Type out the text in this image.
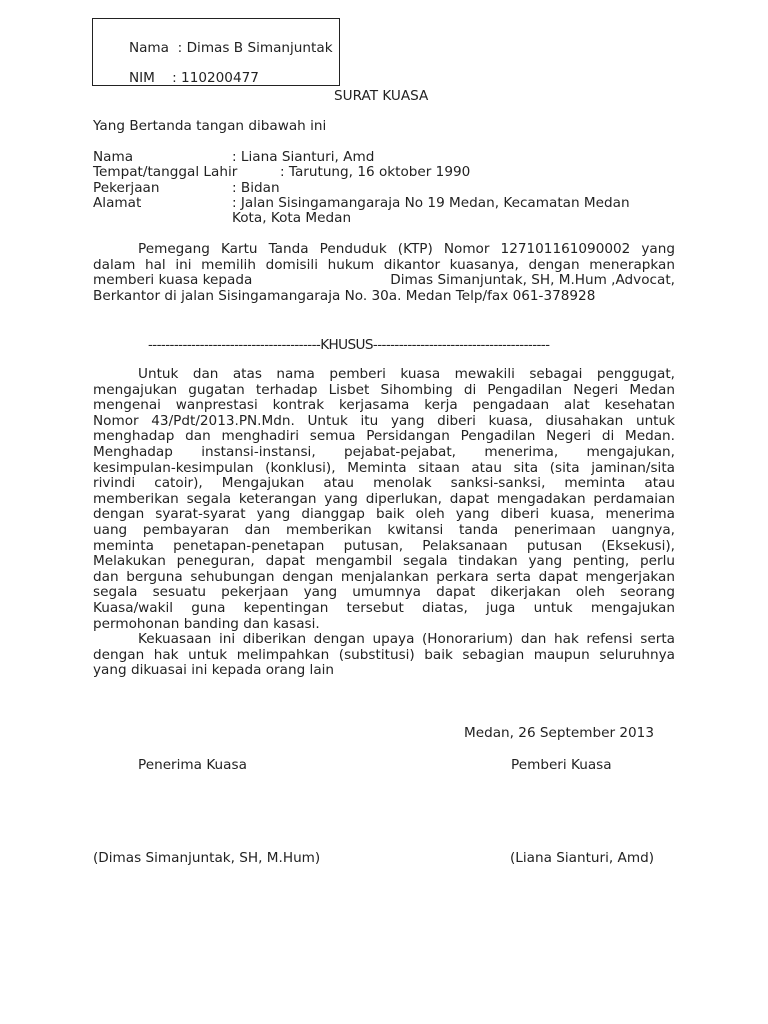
Nama : Dimas B Simanjuntak

NIM : 110200477

SURAT KUASA
Yang Bertanda tangan dibawah ini
Nama	: Liana Sianturi, Amd
Tempat/tanggal Lahir	: Tarutung, 16 oktober 1990
Pekerjaan	: Bidan
Alamat	: Jalan Sisingamangaraja No 19 Medan, Kecamatan Medan
Kota, Kota Medan
Pemegang Kartu Tanda Penduduk (KTP) Nomor 127101161090002 yang
dalam hal ini memilih domisili hukum dikantor kuasanya, dengan menerapkan
memberi kuasa kepada	Dimas Simanjuntak, SH, M.Hum ,Advocat,
Berkantor di jalan Sisingamangaraja No. 30a. Medan Telp/fax 061-378928
----------------------------------------KHUSUS-----------------------------------------
Untuk dan atas nama pemberi kuasa mewakili sebagai penggugat,
mengajukan gugatan terhadap Lisbet Sihombing di Pengadilan Negeri Medan
mengenai wanprestasi kontrak kerjasama kerja pengadaan alat kesehatan
Nomor 43/Pdt/2013.PN.Mdn. Untuk itu yang diberi kuasa, diusahakan untuk
menghadap dan menghadiri semua Persidangan Pengadilan Negeri di Medan.
Menghadap instansi-instansi, pejabat-pejabat, menerima, mengajukan,
kesimpulan-kesimpulan (konklusi), Meminta sitaan atau sita (sita jaminan/sita
rivindi catoir), Mengajukan atau menolak sanksi-sanksi, meminta atau
memberikan segala keterangan yang diperlukan, dapat mengadakan perdamaian
dengan syarat-syarat yang dianggap baik oleh yang diberi kuasa, menerima
uang pembayaran dan memberikan kwitansi tanda penerimaan uangnya,
meminta penetapan-penetapan putusan, Pelaksanaan putusan (Eksekusi),
Melakukan peneguran, dapat mengambil segala tindakan yang penting, perlu
dan berguna sehubungan dengan menjalankan perkara serta dapat mengerjakan
segala sesuatu pekerjaan yang umumnya dapat dikerjakan oleh seorang
Kuasa/wakil guna kepentingan tersebut diatas, juga untuk mengajukan
permohonan banding dan kasasi.
Kekuasaan ini diberikan dengan upaya (Honorarium) dan hak refensi serta
dengan hak untuk melimpahkan (substitusi) baik sebagian maupun seluruhnya
yang dikuasai ini kepada orang lain
Medan, 26 September 2013
Penerima Kuasa	Pemberi Kuasa
(Dimas Simanjuntak, SH, M.Hum)	(Liana Sianturi, Amd)
